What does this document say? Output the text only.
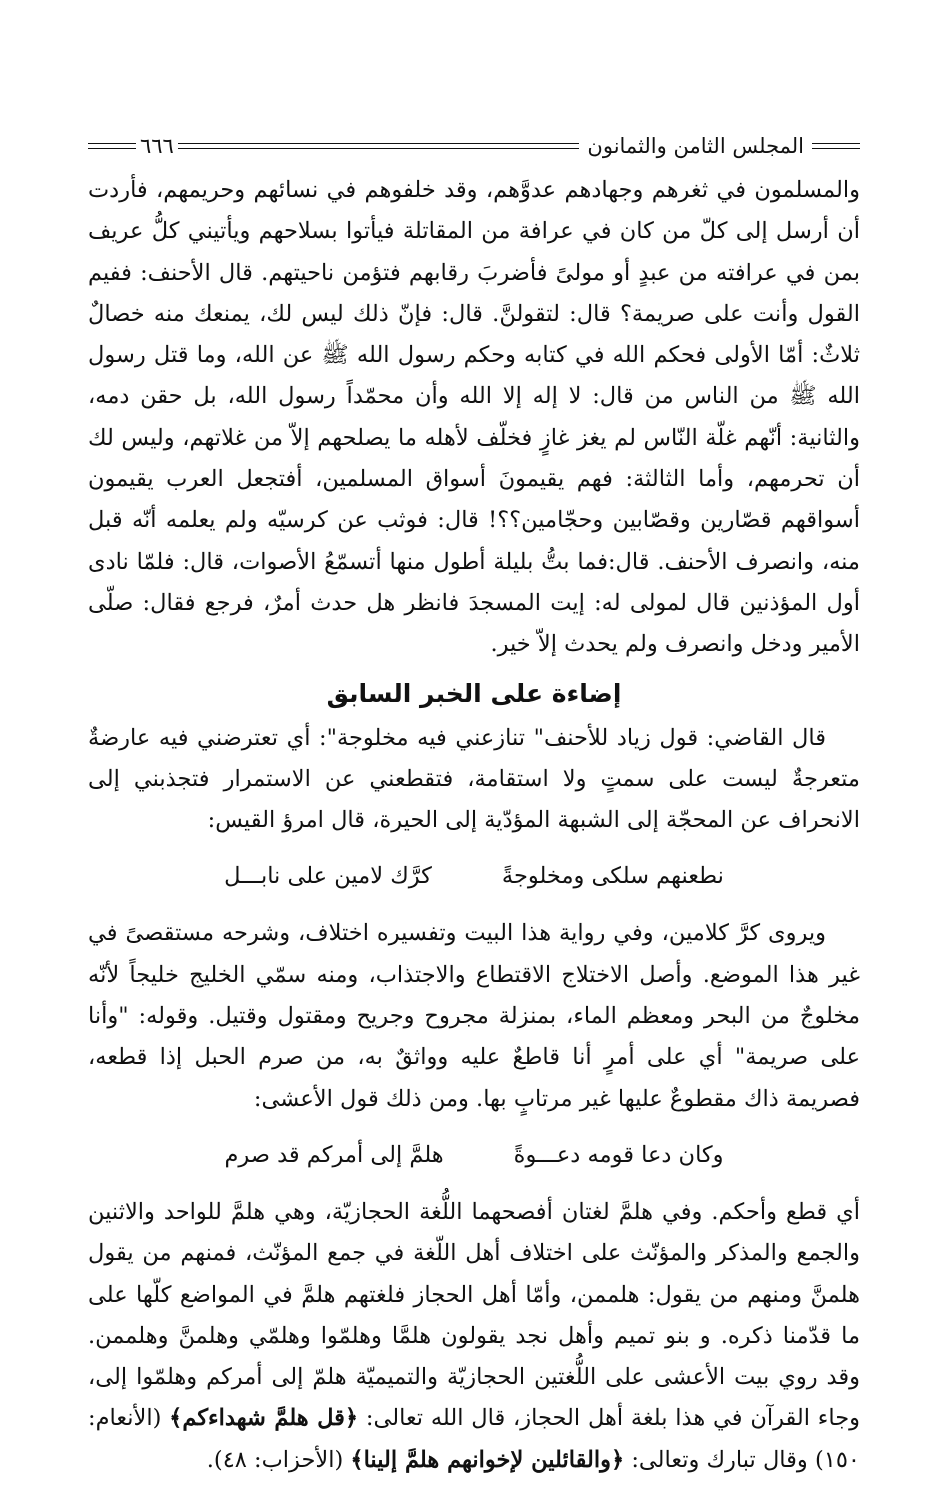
٦٦٦	المجلس الثامن والثمانون

والمسلمون في ثغرهم وجهادهم عدوَّهم، وقد خلفوهم في نسائهم وحريمهم، فأردت أن أرسل إلى كلّ من كان في عرافة من المقاتلة فيأتوا بسلاحهم ويأتيني كلُّ عريف بمن في عرافته من عبدٍ أو مولىً فأضربَ رقابهم فتؤمن ناحيتهم. قال الأحنف: ففيم القول وأنت على صريمة؟ قال: لتقولنَّ. قال: فإنّ ذلك ليس لك، يمنعك منه خصالٌ ثلاثٌ: أمّا الأولى فحكم الله في كتابه وحكم رسول الله ﷺ عن الله، وما قتل رسول الله ﷺ من الناس من قال: لا إله إلا الله وأن محمّداً رسول الله، بل حقن دمه، والثانية: أنّهم غلّة النّاس لم يغز غازٍ فخلّف لأهله ما يصلحهم إلاّ من غلاتهم، وليس لك أن تحرمهم، وأما الثالثة: فهم يقيمونَ أسواق المسلمين، أفتجعل العرب يقيمون أسواقهم قصّارين وقصّابين وحجّامين؟؟! قال: فوثب عن كرسيّه ولم يعلمه أنّه قبل منه، وانصرف الأحنف. قال:فما بتُّ بليلة أطول منها أتسمّعُ الأصوات، قال: فلمّا نادى أول المؤذنين قال لمولى له: إيت المسجدَ فانظر هل حدث أمرٌ، فرجع فقال: صلّى الأمير ودخل وانصرف ولم يحدث إلاّ خير.

إضاءة على الخبر السابق

قال القاضي: قول زياد للأحنف" تنازعني فيه مخلوجة": أي تعترضني فيه عارضةٌ متعرجةٌ ليست على سمتٍ ولا استقامة، فتقطعني عن الاستمرار فتجذبني إلى الانحراف عن المحجّة إلى الشبهة المؤدّية إلى الحيرة، قال امرؤ القيس:

نطعنهم سلكى ومخلوجةً
كرَّك لامين على نابـــل

ويروى كرَّ كلامين، وفي رواية هذا البيت وتفسيره اختلاف، وشرحه مستقصىً في غير هذا الموضع. وأصل الاختلاج الاقتطاع والاجتذاب، ومنه سمّي الخليج خليجاً لأنّه مخلوجٌ من البحر ومعظم الماء، بمنزلة مجروح وجريح ومقتول وقتيل. وقوله: "وأنا على صريمة" أي على أمرٍ أنا قاطعٌ عليه وواثقٌ به، من صرم الحبل إذا قطعه، فصريمة ذاك مقطوعٌ عليها غير مرتابٍ بها. ومن ذلك قول الأعشى:

وكان دعا قومه دعـــوةً
هلمَّ إلى أمركم قد صرم

أي قطع وأحكم. وفي هلمَّ لغتان أفصحهما اللُّغة الحجازيّة، وهي هلمَّ للواحد والاثنين والجمع والمذكر والمؤنّث على اختلاف أهل اللّغة في جمع المؤنّث، فمنهم من يقول هلمنَّ ومنهم من يقول: هلممن، وأمّا أهل الحجاز فلغتهم هلمَّ في المواضع كلّها على ما قدّمنا ذكره. و بنو تميم وأهل نجد يقولون هلمَّا وهلمّوا وهلمّي وهلمنَّ وهلممن. وقد روي بيت الأعشى على اللُّغتين الحجازيّة والتميميّة هلمّ إلى أمركم وهلمّوا إلى، وجاء القرآن في هذا بلغة أهل الحجاز، قال الله تعالى: ﴿قل هلمَّ شهداءكم﴾ (الأنعام: ١٥٠) وقال تبارك وتعالى: ﴿والقائلين لإخوانهم هلمَّ إلينا﴾ (الأحزاب: ٤٨).
